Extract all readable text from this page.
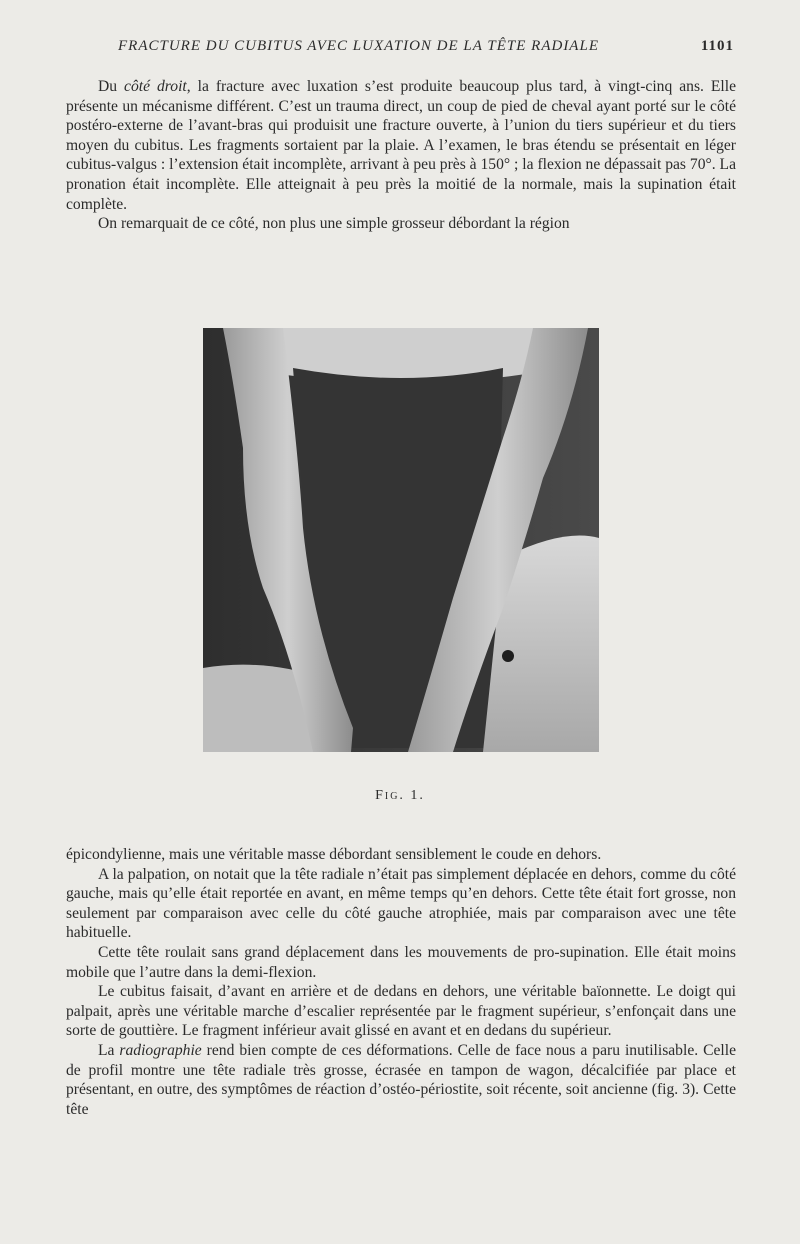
FRACTURE DU CUBITUS AVEC LUXATION DE LA TÊTE RADIALE	1101

Du côté droit, la fracture avec luxation s’est produite beaucoup plus tard, à vingt-cinq ans. Elle présente un mécanisme différent. C’est un trauma direct, un coup de pied de cheval ayant porté sur le côté postéro-externe de l’avant-bras qui produisit une fracture ouverte, à l’union du tiers supérieur et du tiers moyen du cubitus. Les fragments sortaient par la plaie. A l’examen, le bras étendu se présentait en léger cubitus-valgus : l’extension était incomplète, arrivant à peu près à 150° ; la flexion ne dépassait pas 70°. La pronation était incomplète. Elle atteignait à peu près la moitié de la normale, mais la supination était complète.

On remarquait de ce côté, non plus une simple grosseur débordant la région

Fig. 1.

épicondylienne, mais une véritable masse débordant sensiblement le coude en dehors.

A la palpation, on notait que la tête radiale n’était pas simplement déplacée en dehors, comme du côté gauche, mais qu’elle était reportée en avant, en même temps qu’en dehors. Cette tête était fort grosse, non seulement par comparaison avec celle du côté gauche atrophiée, mais par comparaison avec une tête habituelle.

Cette tête roulait sans grand déplacement dans les mouvements de pro-supination. Elle était moins mobile que l’autre dans la demi-flexion.

Le cubitus faisait, d’avant en arrière et de dedans en dehors, une véritable baïonnette. Le doigt qui palpait, après une véritable marche d’escalier représentée par le fragment supérieur, s’enfonçait dans une sorte de gouttière. Le fragment inférieur avait glissé en avant et en dedans du supérieur.

La radiographie rend bien compte de ces déformations. Celle de face nous a paru inutilisable. Celle de profil montre une tête radiale très grosse, écrasée en tampon de wagon, décalcifiée par place et présentant, en outre, des symptômes de réaction d’ostéo-périostite, soit récente, soit ancienne (fig. 3). Cette tête
